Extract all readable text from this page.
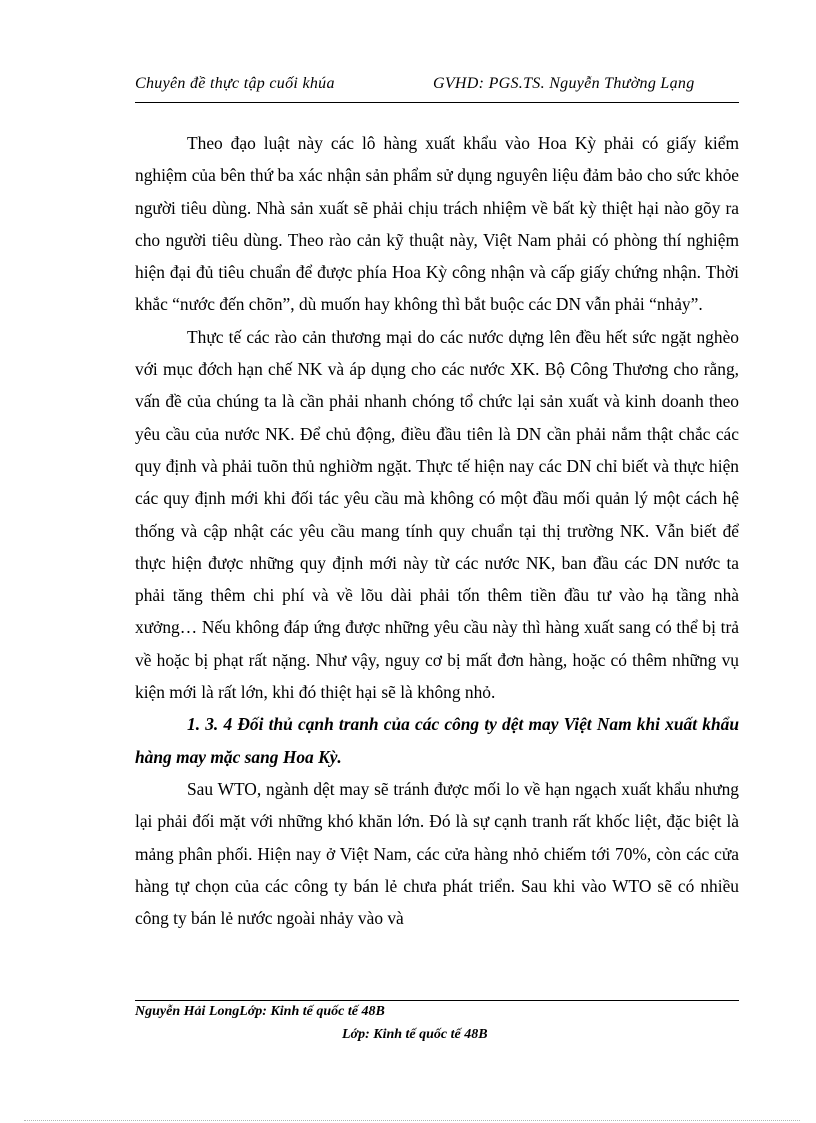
Chuyên đề thực tập cuối khúa	GVHD: PGS.TS. Nguyễn Thường Lạng

Theo đạo luật này các lô hàng xuất khẩu vào Hoa Kỳ phải có giấy kiểm nghiệm của bên thứ ba xác nhận sản phẩm sử dụng nguyên liệu đảm bảo cho sức khỏe người tiêu dùng. Nhà sản xuất sẽ phải chịu trách nhiệm về bất kỳ thiệt hại nào gõy ra cho người tiêu dùng. Theo rào cản kỹ thuật này, Việt Nam phải có phòng thí nghiệm hiện đại đủ tiêu chuẩn để được phía Hoa Kỳ công nhận và cấp giấy chứng nhận. Thời khắc “nước đến chõn”, dù muốn hay không thì bắt buộc các DN vẫn phải “nhảy”.

Thực tế các rào cản thương mại do các nước dựng lên đều hết sức ngặt nghèo với mục đớch hạn chế NK và áp dụng cho các nước XK. Bộ Công Thương cho rằng, vấn đề của chúng ta là cần phải nhanh chóng tổ chức lại sản xuất và kinh doanh theo yêu cầu của nước NK. Để chủ động, điều đầu tiên là DN cần phải nắm thật chắc các quy định và phải tuõn thủ nghiờm ngặt. Thực tế hiện nay các DN chỉ biết và thực hiện các quy định mới khi đối tác yêu cầu mà không có một đầu mối quản lý một cách hệ thống và cập nhật các yêu cầu mang tính quy chuẩn tại thị trường NK. Vẫn biết để thực hiện được những quy định mới này từ các nước NK, ban đầu các DN nước ta phải tăng thêm chi phí và về lõu dài phải tốn thêm tiền đầu tư vào hạ tầng nhà xưởng… Nếu không đáp ứng được những yêu cầu này thì hàng xuất sang có thể bị trả về hoặc bị phạt rất nặng. Như vậy, nguy cơ bị mất đơn hàng, hoặc có thêm những vụ kiện mới là rất lớn, khi đó thiệt hại sẽ là không nhỏ.

1. 3. 4 Đối thủ cạnh tranh của các công ty dệt may Việt Nam khi xuất khẩu hàng may mặc sang Hoa Kỳ.

Sau WTO, ngành dệt may sẽ tránh được mối lo về hạn ngạch xuất khẩu nhưng lại phải đối mặt với những khó khăn lớn. Đó là sự cạnh tranh rất khốc liệt, đặc biệt là mảng phân phối. Hiện nay ở Việt Nam, các cửa hàng nhỏ chiếm tới 70%, còn các cửa hàng tự chọn của các công ty bán lẻ chưa phát triển. Sau khi vào WTO sẽ có nhiều công ty bán lẻ nước ngoài nhảy vào và

Nguyễn Hải LongLớp: Kinh tế quốc tế 48B
Lớp: Kinh tế quốc tế 48B
